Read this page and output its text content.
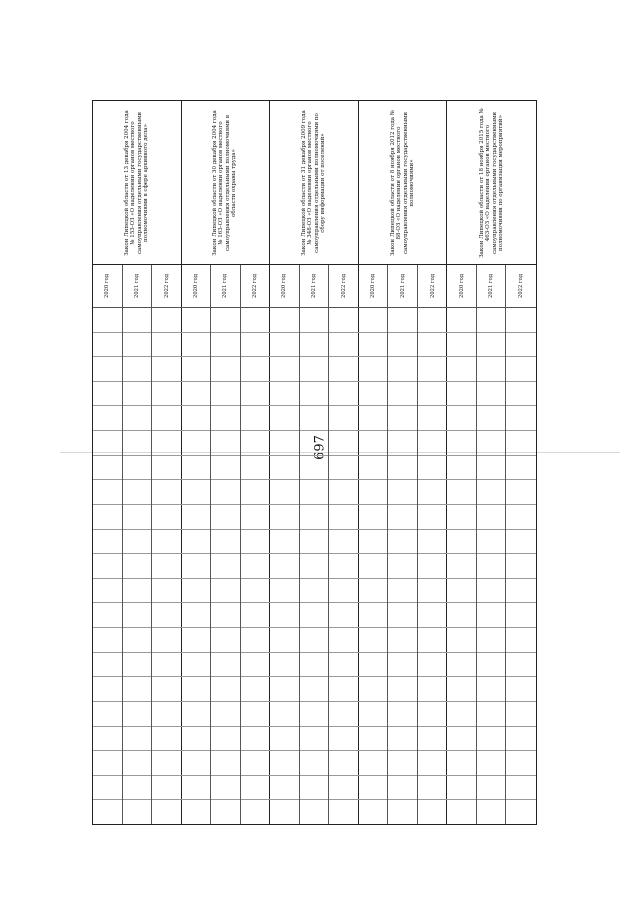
697
Закон Липецкой области от 13 декабря 2004 года № 153-ОЗ «О наделении органов местного самоуправления отдельными государственными полномочиями в сфере архивного дела»
2020 год	2021 год	2022 год
Закон Липецкой области от 30 декабря 2004 года № 163-ОЗ «О наделении органов местного самоуправления отдельными полномочиями в области охраны труда»
2020 год	2021 год	2022 год
Закон Липецкой области от 31 декабря 2009 года № 348-ОЗ «О наделении органов местного самоуправления отдельными полномочиями по сбору информации от поселений»
2020 год	2021 год	2022 год
Закон Липецкой области от 8 ноября 2012 года № 88-ОЗ «О наделении органов местного самоуправления отдельными государственными полномочиями»
2020 год	2021 год	2022 год
Закон Липецкой области от 18 ноября 2015 года № 463-ОЗ «О наделении органов местного самоуправления отдельными государственными полномочиями по организации мероприятий»
2020 год	2021 год	2022 год
